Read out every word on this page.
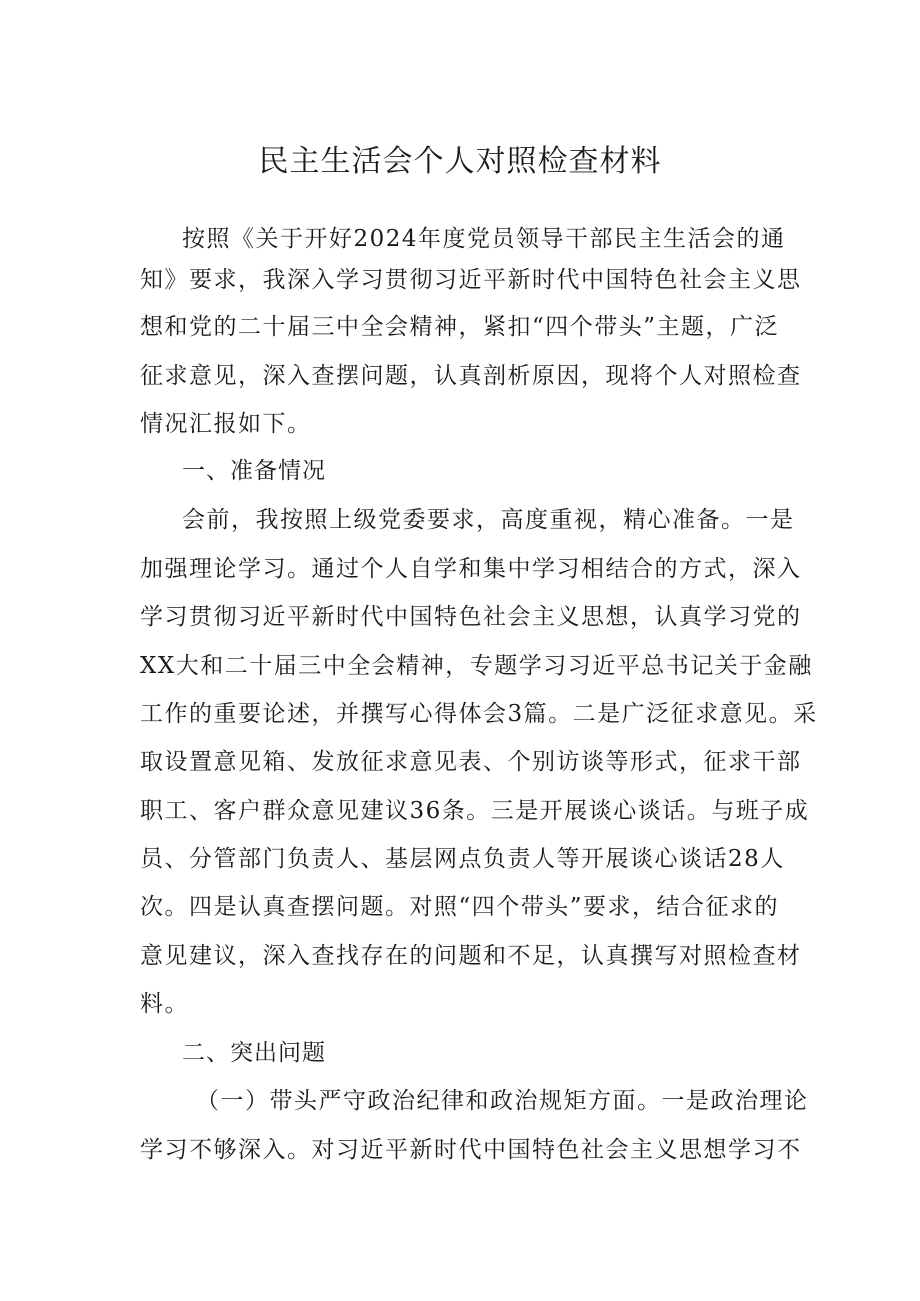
民主生活会个人对照检查材料
按照《关于开好2024年度党员领导干部民主生活会的通
知》要求，我深入学习贯彻习近平新时代中国特色社会主义思
想和党的二十届三中全会精神，紧扣“四个带头”主题，广泛
征求意见，深入查摆问题，认真剖析原因，现将个人对照检查
情况汇报如下。
一、准备情况
会前，我按照上级党委要求，高度重视，精心准备。一是
加强理论学习。通过个人自学和集中学习相结合的方式，深入
学习贯彻习近平新时代中国特色社会主义思想，认真学习党的
XX大和二十届三中全会精神，专题学习习近平总书记关于金融
工作的重要论述，并撰写心得体会3篇。二是广泛征求意见。采
取设置意见箱、发放征求意见表、个别访谈等形式，征求干部
职工、客户群众意见建议36条。三是开展谈心谈话。与班子成
员、分管部门负责人、基层网点负责人等开展谈心谈话28人
次。四是认真查摆问题。对照“四个带头”要求，结合征求的
意见建议，深入查找存在的问题和不足，认真撰写对照检查材
料。
二、突出问题
（一）带头严守政治纪律和政治规矩方面。一是政治理论
学习不够深入。对习近平新时代中国特色社会主义思想学习不
